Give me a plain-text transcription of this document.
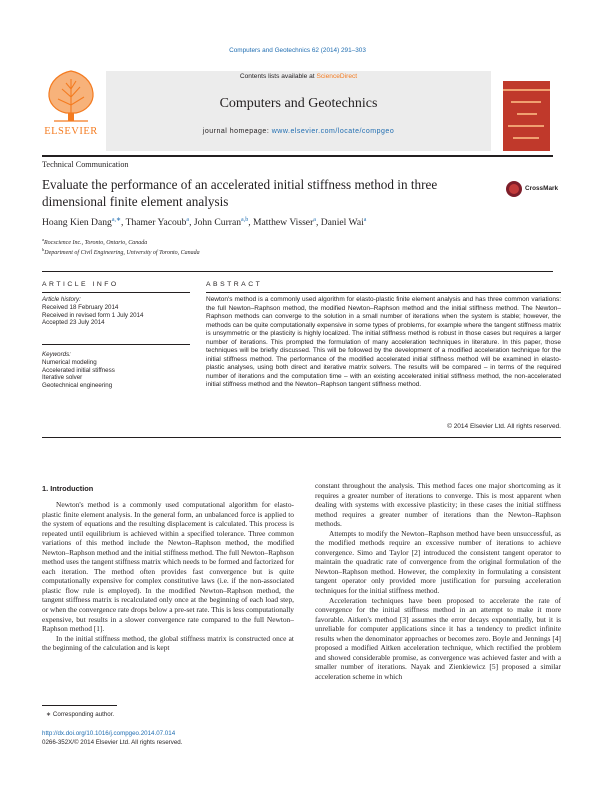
Computers and Geotechnics 62 (2014) 291–303
ELSEVIER
Contents lists available at ScienceDirect
Computers and Geotechnics
journal homepage: www.elsevier.com/locate/compgeo
Technical Communication
Evaluate the performance of an accelerated initial stiffness method in three dimensional finite element analysis
CrossMark
Hoang Kien Dang$^{a,∗}$, Thamer Yacoub$^a$, John Curran$^{a,b}$, Matthew Visser$^a$, Daniel Wai$^a$
$^a$Rocscience Inc., Toronto, Ontario, Canada
$^b$Department of Civil Engineering, University of Toronto, Canada
ARTICLE INFO
Article history:
Received 18 February 2014
Received in revised form 1 July 2014
Accepted 23 July 2014
Keywords:
Numerical modeling
Accelerated initial stiffness
Iterative solver
Geotechnical engineering
ABSTRACT
Newton's method is a commonly used algorithm for elasto-plastic finite element analysis and has three common variations: the full Newton–Raphson method, the modified Newton–Raphson method and the initial stiffness method. The Newton–Raphson methods can converge to the solution in a small number of iterations when the system is stable; however, the methods can be quite computationally expensive in some types of problems, for example where the tangent stiffness matrix is unsymmetric or the plasticity is highly localized. The initial stiffness method is robust in those cases but requires a larger number of iterations. This prompted the formulation of many acceleration techniques in literature. In this paper, those techniques will be briefly discussed. This will be followed by the development of a modified acceleration technique for the initial stiffness method. The performance of the modified accelerated initial stiffness method will be examined in elasto-plastic analyses, using both direct and iterative matrix solvers. The results will be compared – in terms of the required number of iterations and the computation time – with an existing accelerated initial stiffness method, the non-accelerated initial stiffness method and the Newton–Raphson tangent stiffness method.
© 2014 Elsevier Ltd. All rights reserved.
1. Introduction

Newton's method is a commonly used computational algorithm for elasto-plastic finite element analysis. In the general form, an unbalanced force is applied to the system of equations and the resulting displacement is calculated. This process is repeated until equilibrium is achieved within a specified tolerance. Three common variations of this method include the Newton–Raphson method, the modified Newton–Raphson method and the initial stiffness method. The full Newton–Raphson method uses the tangent stiffness matrix which needs to be formed and factorized for each iteration. The method often provides fast convergence but is quite computationally expensive for complex constitutive laws (i.e. if the non-associated plastic flow rule is employed). In the modified Newton–Raphson method, the tangent stiffness matrix is recalculated only once at the beginning of each load step, or when the convergence rate drops below a pre-set rate. This is less computationally expensive, but results in a slower convergence rate compared to the full Newton–Raphson method [1].

In the initial stiffness method, the global stiffness matrix is constructed once at the beginning of the calculation and is kept

constant throughout the analysis. This method faces one major shortcoming as it requires a greater number of iterations to converge. This is most apparent when dealing with systems with excessive plasticity; in these cases the initial stiffness method requires a greater number of iterations than the Newton–Raphson methods.

Attempts to modify the Newton–Raphson method have been unsuccessful, as the modified methods require an excessive number of iterations to achieve convergence. Simo and Taylor [2] introduced the consistent tangent operator to maintain the quadratic rate of convergence from the original formulation of the Newton–Raphson method. However, the complexity in formulating a consistent tangent operator only provided more justification for pursuing acceleration techniques for the initial stiffness method.

Acceleration techniques have been proposed to accelerate the rate of convergence for the initial stiffness method in an attempt to make it more favorable. Aitken's method [3] assumes the error decays exponentially, but it is unreliable for computer applications since it has a tendency to predict infinite results when the denominator approaches or becomes zero. Boyle and Jennings [4] proposed a modified Aitken acceleration technique, which rectified the problem and showed considerable promise, as convergence was achieved faster and with a smaller number of iterations. Nayak and Zienkiewicz [5] proposed a similar acceleration scheme in which

∗ Corresponding author.
http://dx.doi.org/10.1016/j.compgeo.2014.07.014
0266-352X/© 2014 Elsevier Ltd. All rights reserved.
